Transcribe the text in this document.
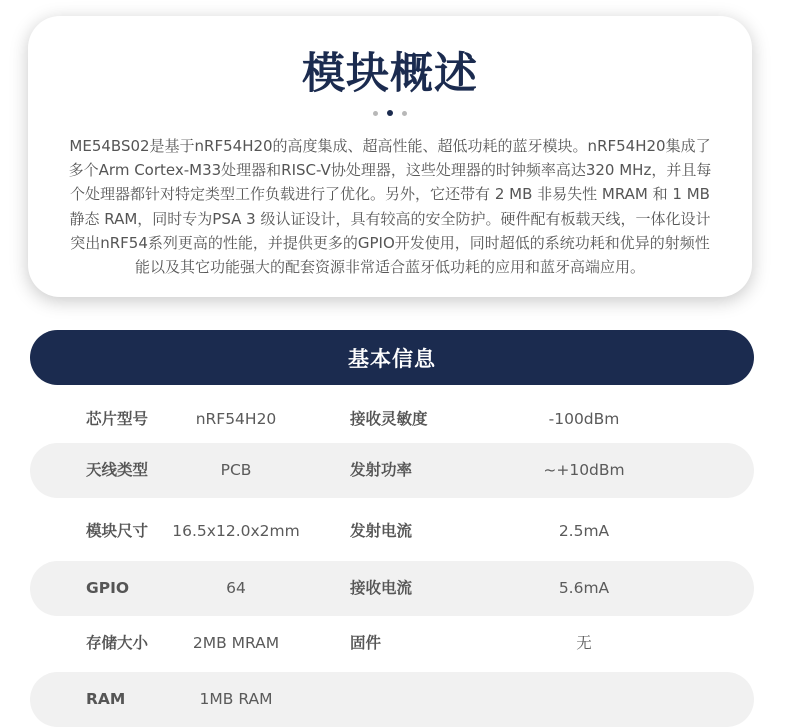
模块概述

ME54BS02是基于nRF54H20的高度集成、超高性能、超低功耗的蓝牙模块。nRF54H20集成了多个Arm Cortex-M33处理器和RISC-V协处理器，这些处理器的时钟频率高达320 MHz，并且每个处理器都针对特定类型工作负载进行了优化。另外，它还带有 2 MB 非易失性 MRAM 和 1 MB 静态 RAM，同时专为PSA 3 级认证设计，具有较高的安全防护。硬件配有板载天线，一体化设计突出nRF54系列更高的性能，并提供更多的GPIO开发使用，同时超低的系统功耗和优异的射频性能以及其它功能强大的配套资源非常适合蓝牙低功耗的应用和蓝牙高端应用。

基本信息
芯片型号	nRF54H20	接收灵敏度	-100dBm
天线类型	PCB	发射功率	~+10dBm
模块尺寸	16.5x12.0x2mm	发射电流	2.5mA
GPIO	64	接收电流	5.6mA
存储大小	2MB MRAM	固件	无
RAM	1MB RAM
